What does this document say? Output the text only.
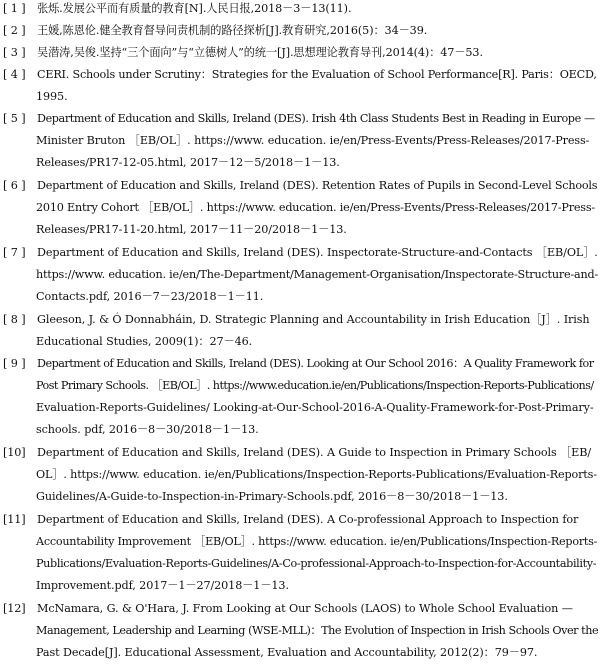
[ 1 ] 张烁.发展公平而有质量的教育[N].人民日报,2018－3－13(11).
[ 2 ] 王媛,陈恩伦.健全教育督导问责机制的路径探析[J].教育研究,2016(5)：34－39.
[ 3 ] 吴潜涛,吴俊.坚持“三个面向”与“立德树人”的统一[J].思想理论教育导刊,2014(4)：47－53.
[ 4 ] CERI. Schools under Scrutiny：Strategies for the Evaluation of School Performance[R]. Paris：OECD,
1995.
[ 5 ] Department of Education and Skills, Ireland (DES). Irish 4th Class Students Best in Reading in Europe —
Minister Bruton ［EB/OL］. https://www. education. ie/en/Press-Events/Press-Releases/2017-Press-
Releases/PR17-12-05.html, 2017－12－5/2018－1－13.
[ 6 ] Department of Education and Skills, Ireland (DES). Retention Rates of Pupils in Second-Level Schools
2010 Entry Cohort ［EB/OL］. https://www. education. ie/en/Press-Events/Press-Releases/2017-Press-
Releases/PR17-11-20.html, 2017－11－20/2018－1－13.
[ 7 ] Department of Education and Skills, Ireland (DES). Inspectorate-Structure-and-Contacts ［EB/OL］.
https://www. education. ie/en/The-Department/Management-Organisation/Inspectorate-Structure-and-
Contacts.pdf, 2016－7－23/2018－1－11.
[ 8 ] Gleeson, J. & Ó Donnabháin, D. Strategic Planning and Accountability in Irish Education［J］. Irish
Educational Studies, 2009(1)：27－46.
[ 9 ] Department of Education and Skills, Ireland (DES). Looking at Our School 2016：A Quality Framework for
Post Primary Schools. ［EB/OL］. https://www.education.ie/en/Publications/Inspection-Reports-Publications/
Evaluation-Reports-Guidelines/ Looking-at-Our-School-2016-A-Quality-Framework-for-Post-Primary-
schools. pdf, 2016－8－30/2018－1－13.
[10] Department of Education and Skills, Ireland (DES). A Guide to Inspection in Primary Schools ［EB/
OL］. https://www. education. ie/en/Publications/Inspection-Reports-Publications/Evaluation-Reports-
Guidelines/A-Guide-to-Inspection-in-Primary-Schools.pdf, 2016－8－30/2018－1－13.
[11] Department of Education and Skills, Ireland (DES). A Co-professional Approach to Inspection for
Accountability Improvement ［EB/OL］. https://www. education. ie/en/Publications/Inspection-Reports-
Publications/Evaluation-Reports-Guidelines/A-Co-professional-Approach-to-Inspection-for-Accountability-
Improvement.pdf, 2017－1－27/2018－1－13.
[12] McNamara, G. & O'Hara, J. From Looking at Our Schools (LAOS) to Whole School Evaluation —
Management, Leadership and Learning (WSE-MLL)：The Evolution of Inspection in Irish Schools Over the
Past Decade[J]. Educational Assessment, Evaluation and Accountability, 2012(2)：79－97.
